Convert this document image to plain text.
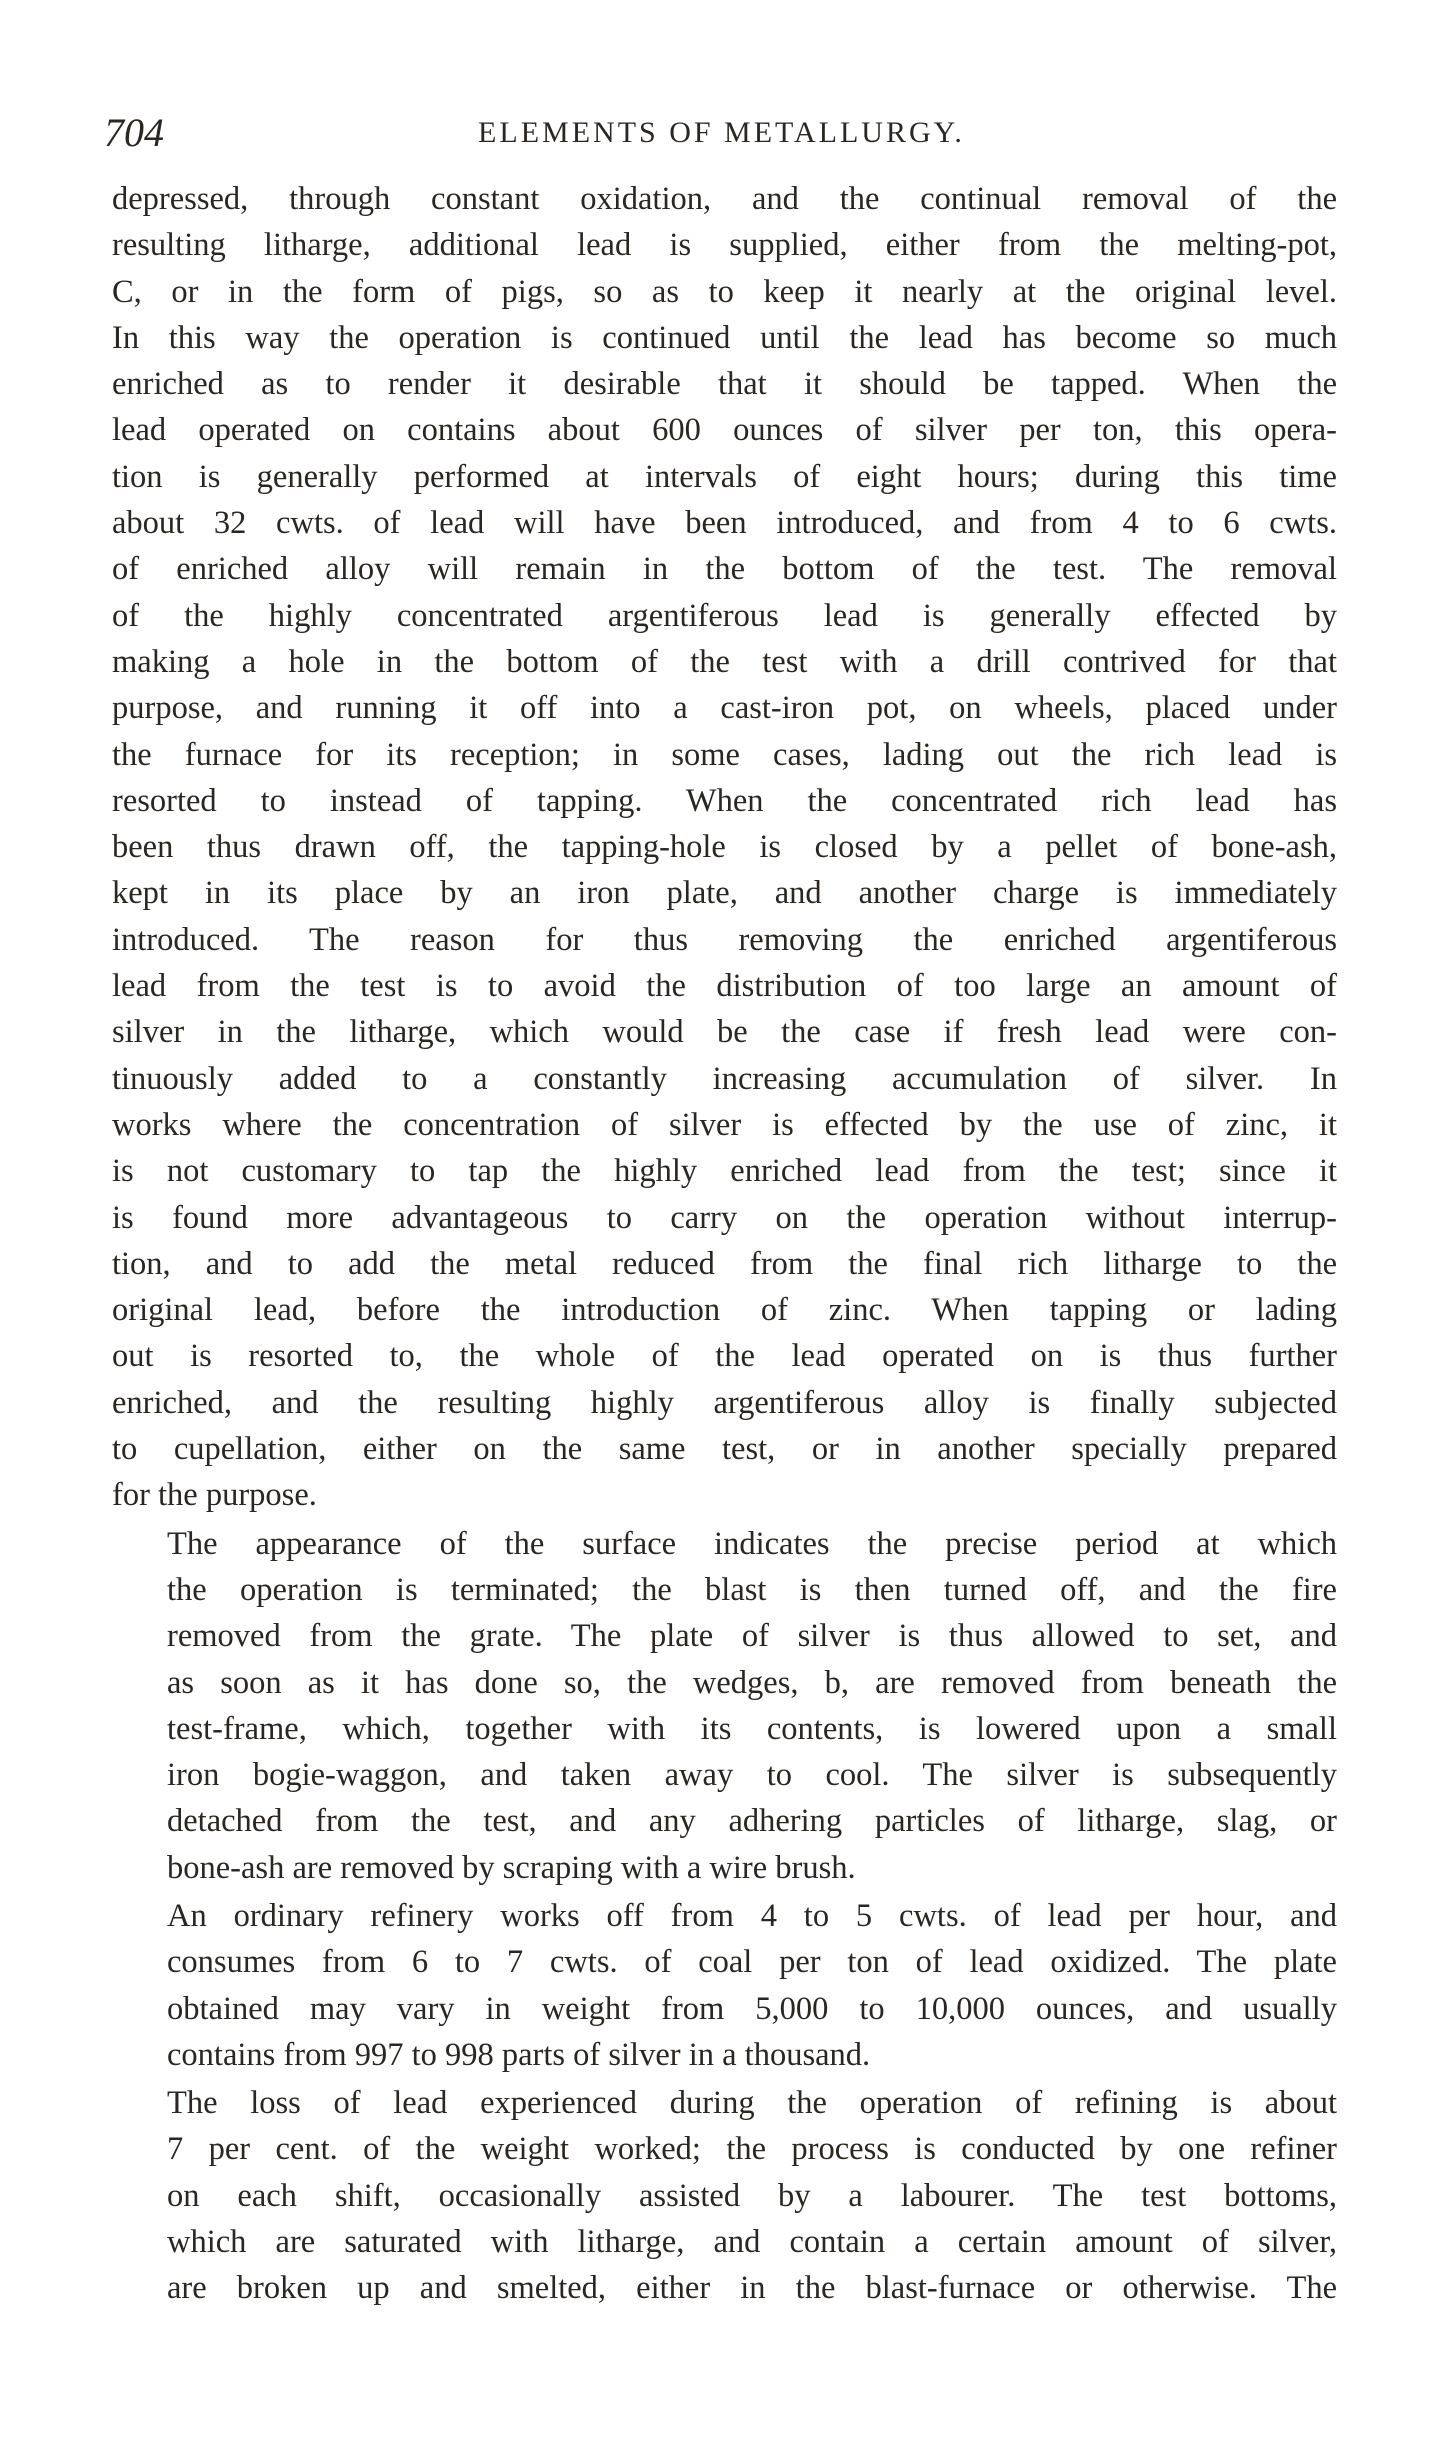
704	ELEMENTS OF METALLURGY.

depressed, through constant oxidation, and the continual removal of the
resulting litharge, additional lead is supplied, either from the melting-pot,
C, or in the form of pigs, so as to keep it nearly at the original level.
In this way the operation is continued until the lead has become so much
enriched as to render it desirable that it should be tapped. When the
lead operated on contains about 600 ounces of silver per ton, this opera-
tion is generally performed at intervals of eight hours; during this time
about 32 cwts. of lead will have been introduced, and from 4 to 6 cwts.
of enriched alloy will remain in the bottom of the test. The removal
of the highly concentrated argentiferous lead is generally effected by
making a hole in the bottom of the test with a drill contrived for that
purpose, and running it off into a cast-iron pot, on wheels, placed under
the furnace for its reception; in some cases, lading out the rich lead is
resorted to instead of tapping. When the concentrated rich lead has
been thus drawn off, the tapping-hole is closed by a pellet of bone-ash,
kept in its place by an iron plate, and another charge is immediately
introduced. The reason for thus removing the enriched argentiferous
lead from the test is to avoid the distribution of too large an amount of
silver in the litharge, which would be the case if fresh lead were con-
tinuously added to a constantly increasing accumulation of silver. In
works where the concentration of silver is effected by the use of zinc, it
is not customary to tap the highly enriched lead from the test; since it
is found more advantageous to carry on the operation without interrup-
tion, and to add the metal reduced from the final rich litharge to the
original lead, before the introduction of zinc. When tapping or lading
out is resorted to, the whole of the lead operated on is thus further
enriched, and the resulting highly argentiferous alloy is finally subjected
to cupellation, either on the same test, or in another specially prepared
for the purpose.

The appearance of the surface indicates the precise period at which
the operation is terminated; the blast is then turned off, and the fire
removed from the grate. The plate of silver is thus allowed to set, and
as soon as it has done so, the wedges, b, are removed from beneath the
test-frame, which, together with its contents, is lowered upon a small
iron bogie-waggon, and taken away to cool. The silver is subsequently
detached from the test, and any adhering particles of litharge, slag, or
bone-ash are removed by scraping with a wire brush.

An ordinary refinery works off from 4 to 5 cwts. of lead per hour, and
consumes from 6 to 7 cwts. of coal per ton of lead oxidized. The plate
obtained may vary in weight from 5,000 to 10,000 ounces, and usually
contains from 997 to 998 parts of silver in a thousand.

The loss of lead experienced during the operation of refining is about
7 per cent. of the weight worked; the process is conducted by one refiner
on each shift, occasionally assisted by a labourer. The test bottoms,
which are saturated with litharge, and contain a certain amount of silver,
are broken up and smelted, either in the blast-furnace or otherwise. The
